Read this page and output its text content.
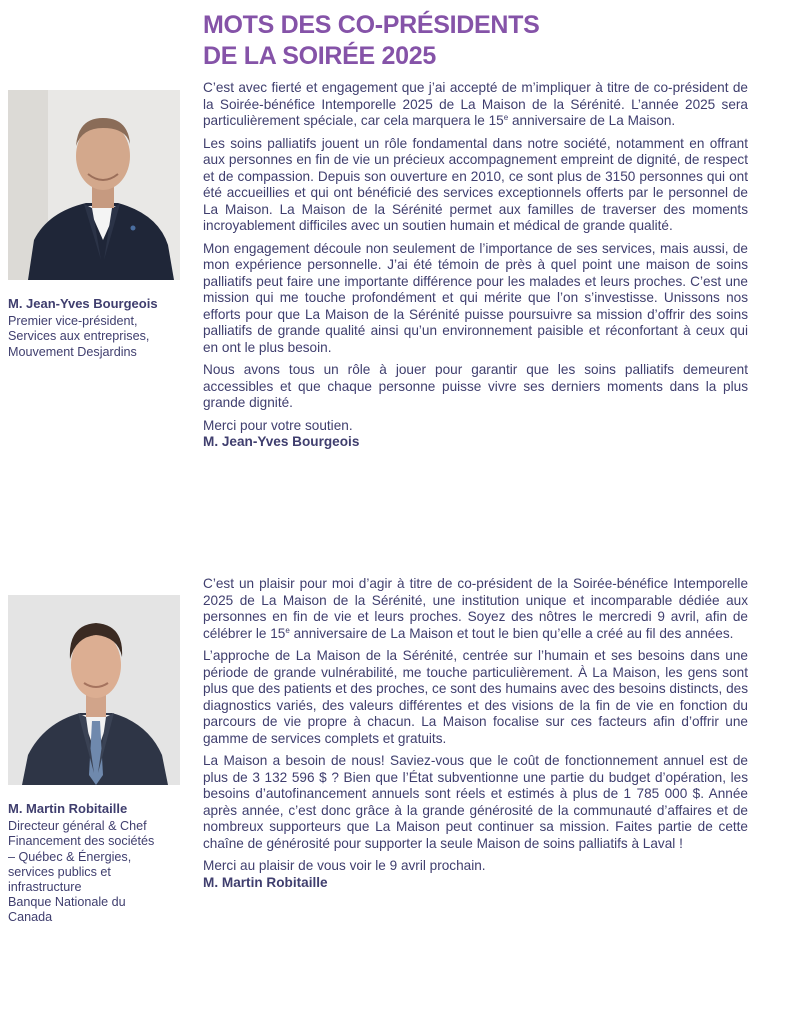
MOTS DES CO-PRÉSIDENTS
DE LA SOIRÉE 2025
M. Jean-Yves Bourgeois
Premier vice-président,
Services aux entreprises,
Mouvement Desjardins

C’est avec fierté et engagement que j’ai accepté de m’impliquer à titre de co-président de la Soirée-bénéfice Intemporelle 2025 de La Maison de la Sérénité. L’année 2025 sera particulièrement spéciale, car cela marquera le 15e anniversaire de La Maison.

Les soins palliatifs jouent un rôle fondamental dans notre société, notamment en offrant aux personnes en fin de vie un précieux accompagnement empreint de dignité, de respect et de compassion. Depuis son ouverture en 2010, ce sont plus de 3150 personnes qui ont été accueillies et qui ont bénéficié des services exceptionnels offerts par le personnel de La Maison. La Maison de la Sérénité permet aux familles de traverser des moments incroyablement difficiles avec un soutien humain et médical de grande qualité.

Mon engagement découle non seulement de l’importance de ses services, mais aussi, de mon expérience personnelle. J’ai été témoin de près à quel point une maison de soins palliatifs peut faire une importante différence pour les malades et leurs proches. C’est une mission qui me touche profondément et qui mérite que l’on s’investisse. Unissons nos efforts pour que La Maison de la Sérénité puisse poursuivre sa mission d’offrir des soins palliatifs de grande qualité ainsi qu’un environnement paisible et réconfortant à ceux qui en ont le plus besoin.

Nous avons tous un rôle à jouer pour garantir que les soins palliatifs demeurent accessibles et que chaque personne puisse vivre ses derniers moments dans la plus grande dignité.

Merci pour votre soutien.

M. Jean-Yves Bourgeois

M. Martin Robitaille
Directeur général & Chef
Financement des sociétés
– Québec & Énergies,
services publics et
infrastructure
Banque Nationale du
Canada

C’est un plaisir pour moi d’agir à titre de co-président de la Soirée-bénéfice Intemporelle 2025 de La Maison de la Sérénité, une institution unique et incomparable dédiée aux personnes en fin de vie et leurs proches. Soyez des nôtres le mercredi 9 avril, afin de célébrer le 15e anniversaire de La Maison et tout le bien qu’elle a créé au fil des années.

L’approche de La Maison de la Sérénité, centrée sur l’humain et ses besoins dans une période de grande vulnérabilité, me touche particulièrement. À La Maison, les gens sont plus que des patients et des proches, ce sont des humains avec des besoins distincts, des diagnostics variés, des valeurs différentes et des visions de la fin de vie en fonction du parcours de vie propre à chacun. La Maison focalise sur ces facteurs afin d’offrir une gamme de services complets et gratuits.

La Maison a besoin de nous! Saviez-vous que le coût de fonctionnement annuel est de plus de 3 132 596 $ ? Bien que l’État subventionne une partie du budget d’opération, les besoins d’autofinancement annuels sont réels et estimés à plus de 1 785 000 $. Année après année, c’est donc grâce à la grande générosité de la communauté d’affaires et de nombreux supporteurs que La Maison peut continuer sa mission. Faites partie de cette chaîne de générosité pour supporter la seule Maison de soins palliatifs à Laval !

Merci au plaisir de vous voir le 9 avril prochain.

M. Martin Robitaille
